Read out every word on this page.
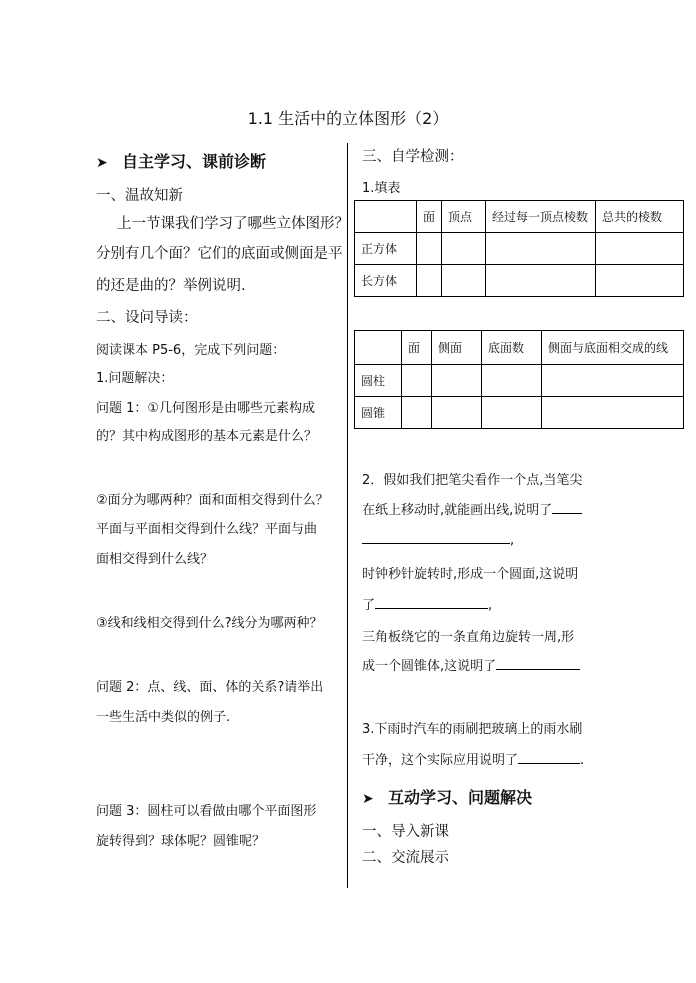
1.1 生活中的立体图形（2）
➤ 自主学习、课前诊断
一、温故知新
上一节课我们学习了哪些立体图形？
分别有几个面？它们的底面或侧面是平
的还是曲的？举例说明.
二、设问导读：
阅读课本 P5-6，完成下列问题：
1.问题解决：
问题 1：①几何图形是由哪些元素构成
的？其中构成图形的基本元素是什么？
②面分为哪两种？面和面相交得到什么？
平面与平面相交得到什么线？平面与曲
面相交得到什么线？
③线和线相交得到什么?线分为哪两种？
问题 2：点、线、面、体的关系?请举出
一些生活中类似的例子.
问题 3：圆柱可以看做由哪个平面图形
旋转得到？球体呢？圆锥呢？
三、自学检测：
1.填表
	面	顶点	经过每一顶点棱数	总共的棱数
正方体				
长方体				
	面	侧面	底面数	侧面与底面相交成的线
圆柱				
圆锥				
2．假如我们把笔尖看作一个点,当笔尖
在纸上移动时,就能画出线,说明了
,
时钟秒针旋转时,形成一个圆面,这说明
了	,
三角板绕它的一条直角边旋转一周,形
成一个圆锥体,这说明了
3.下雨时汽车的雨刷把玻璃上的雨水刷
干净，这个实际应用说明了	.
➤ 互动学习、问题解决
一、导入新课
二、交流展示
